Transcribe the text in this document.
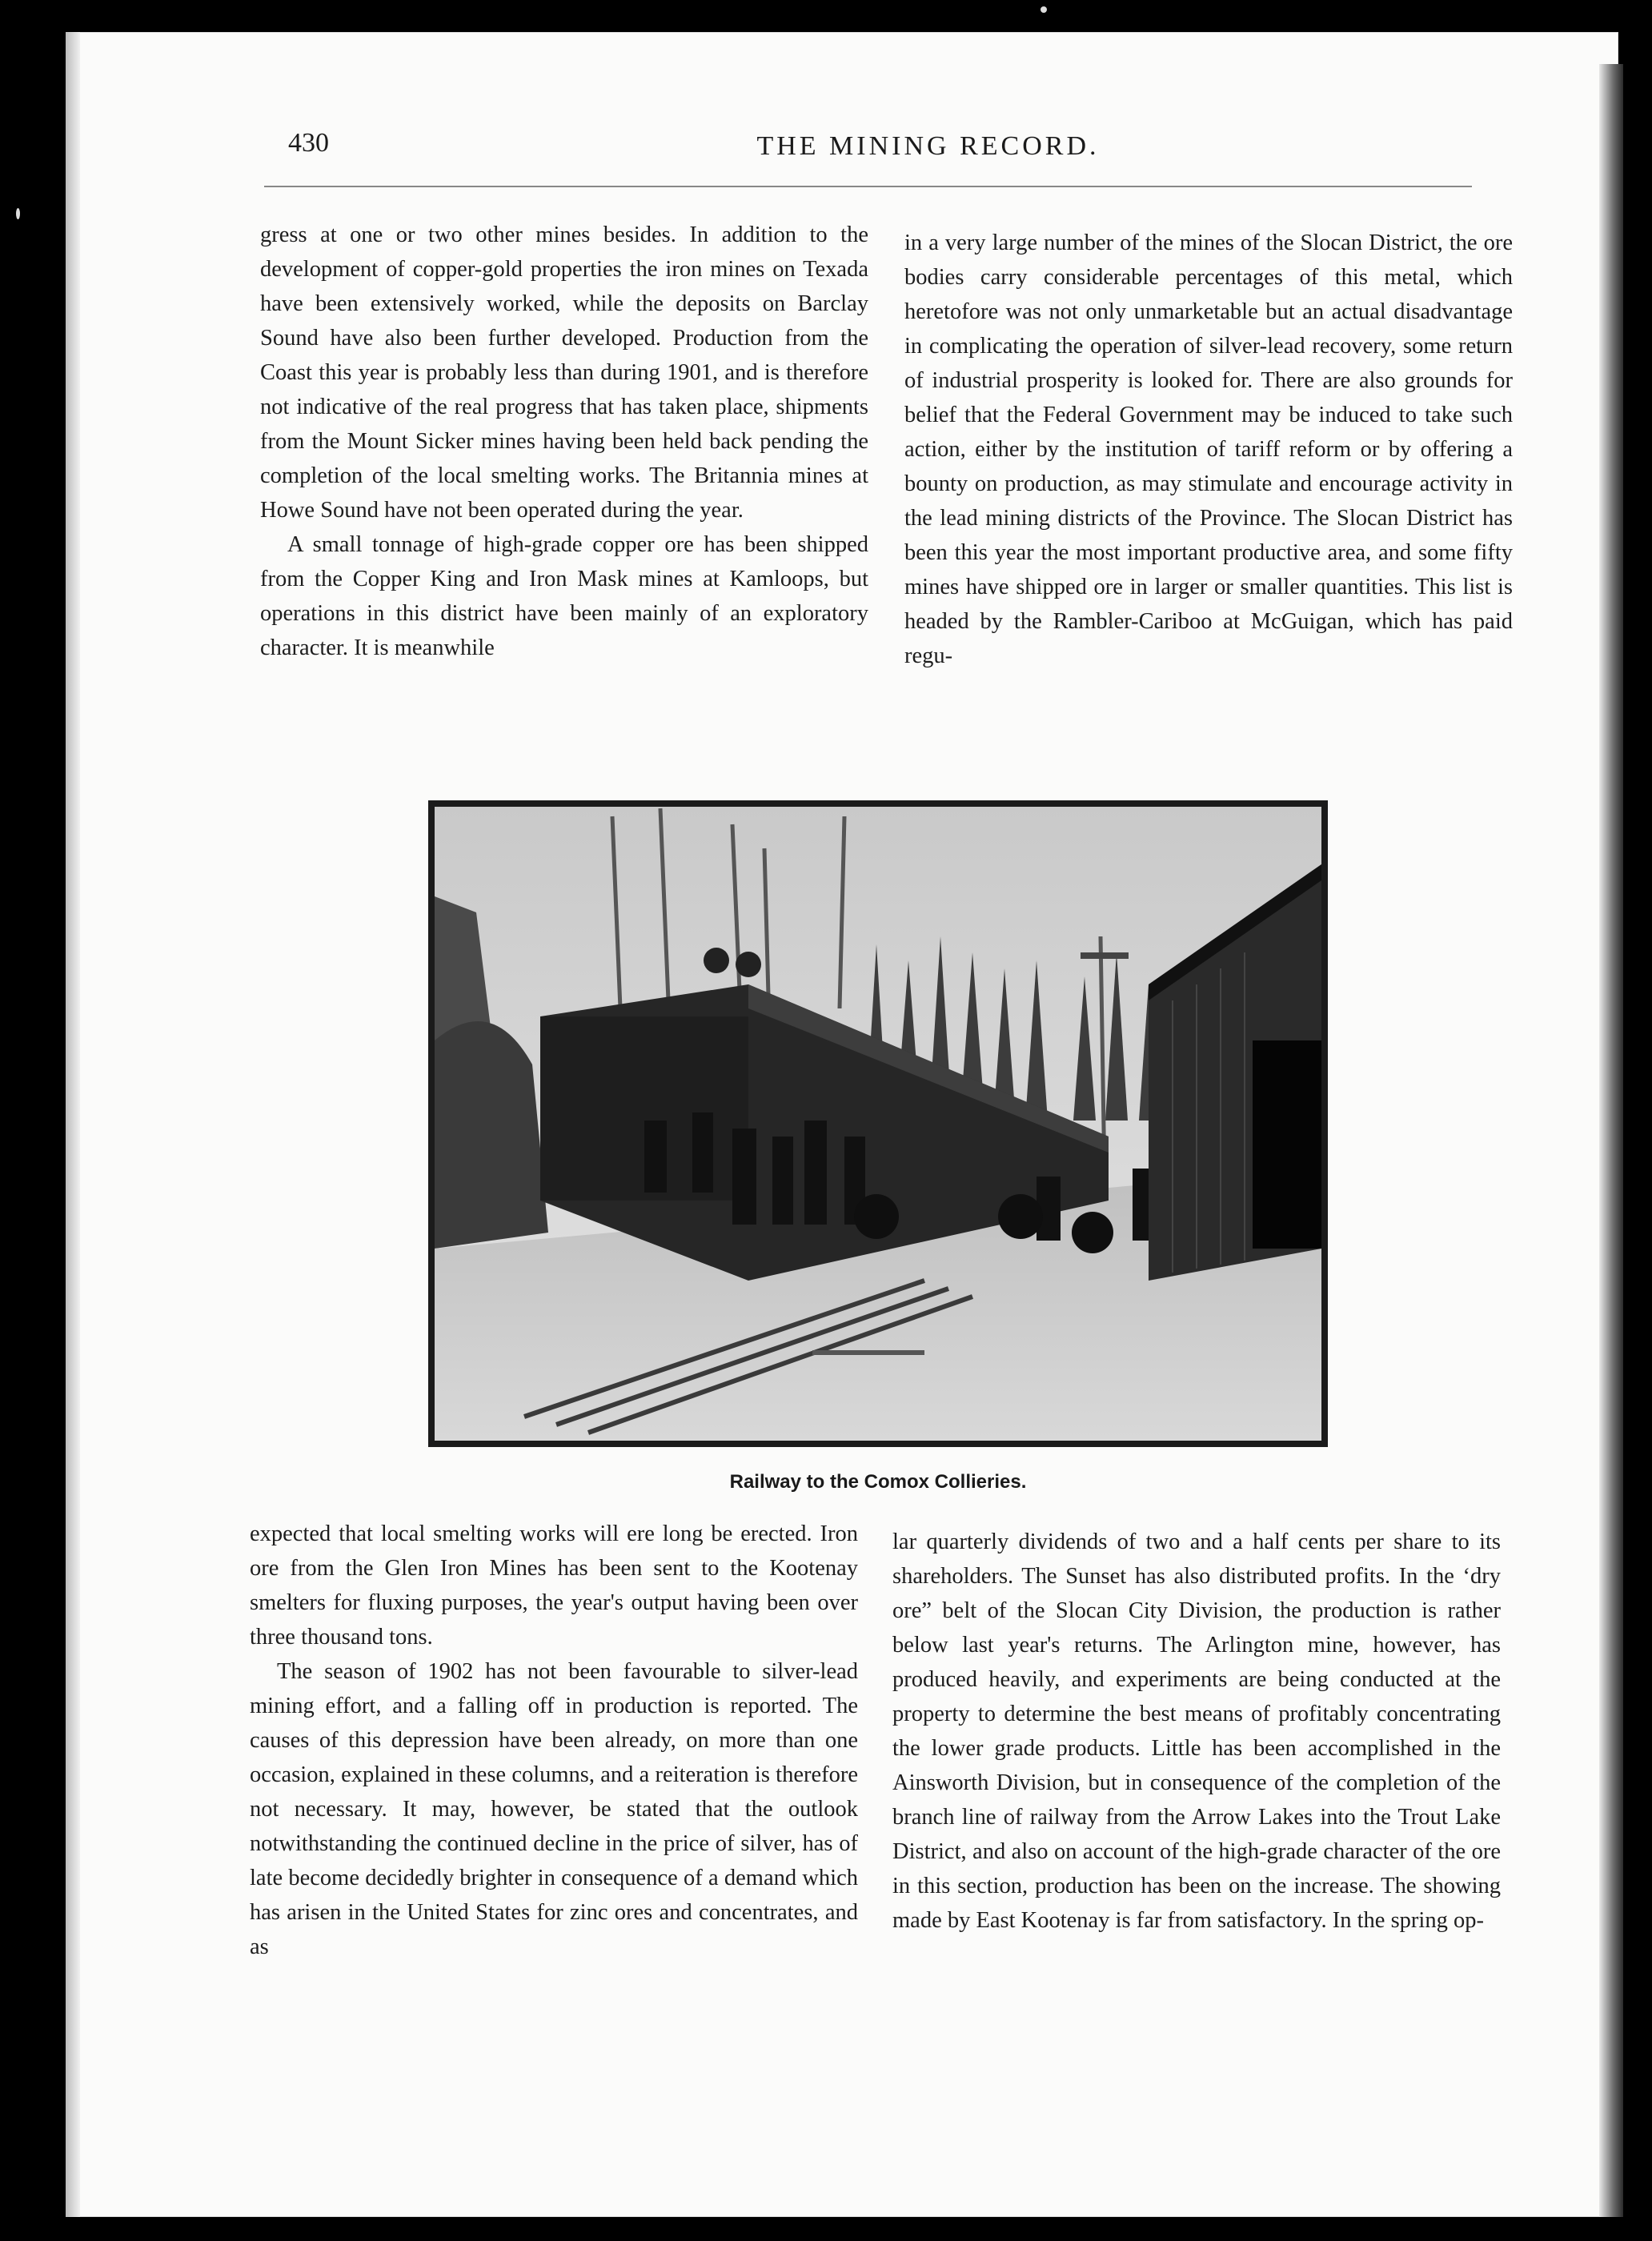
430	THE MINING RECORD.

gress at one or two other mines besides. In addition to the development of copper-gold properties the iron mines on Texada have been extensively worked, while the deposits on Barclay Sound have also been further developed. Production from the Coast this year is probably less than during 1901, and is therefore not indicative of the real progress that has taken place, shipments from the Mount Sicker mines having been held back pending the completion of the local smelting works. The Britannia mines at Howe Sound have not been operated during the year.

A small tonnage of high-grade copper ore has been shipped from the Copper King and Iron Mask mines at Kamloops, but operations in this district have been mainly of an exploratory character. It is meanwhile

in a very large number of the mines of the Slocan District, the ore bodies carry considerable percentages of this metal, which heretofore was not only unmarketable but an actual disadvantage in complicating the operation of silver-lead recovery, some return of industrial prosperity is looked for. There are also grounds for belief that the Federal Government may be induced to take such action, either by the institution of tariff reform or by offering a bounty on production, as may stimulate and encourage activity in the lead mining districts of the Province. The Slocan District has been this year the most important productive area, and some fifty mines have shipped ore in larger or smaller quantities. This list is headed by the Rambler-Cariboo at McGuigan, which has paid regu-

Railway to the Comox Collieries.

expected that local smelting works will ere long be erected. Iron ore from the Glen Iron Mines has been sent to the Kootenay smelters for fluxing purposes, the year's output having been over three thousand tons.

The season of 1902 has not been favourable to silver-lead mining effort, and a falling off in production is reported. The causes of this depression have been already, on more than one occasion, explained in these columns, and a reiteration is therefore not necessary. It may, however, be stated that the outlook notwithstanding the continued decline in the price of silver, has of late become decidedly brighter in consequence of a demand which has arisen in the United States for zinc ores and concentrates, and as

lar quarterly dividends of two and a half cents per share to its shareholders. The Sunset has also distributed profits. In the ‘dry ore” belt of the Slocan City Division, the production is rather below last year's returns. The Arlington mine, however, has produced heavily, and experiments are being conducted at the property to determine the best means of profitably concentrating the lower grade products. Little has been accomplished in the Ainsworth Division, but in consequence of the completion of the branch line of railway from the Arrow Lakes into the Trout Lake District, and also on account of the high-grade character of the ore in this section, production has been on the increase. The showing made by East Kootenay is far from satisfactory. In the spring op-
